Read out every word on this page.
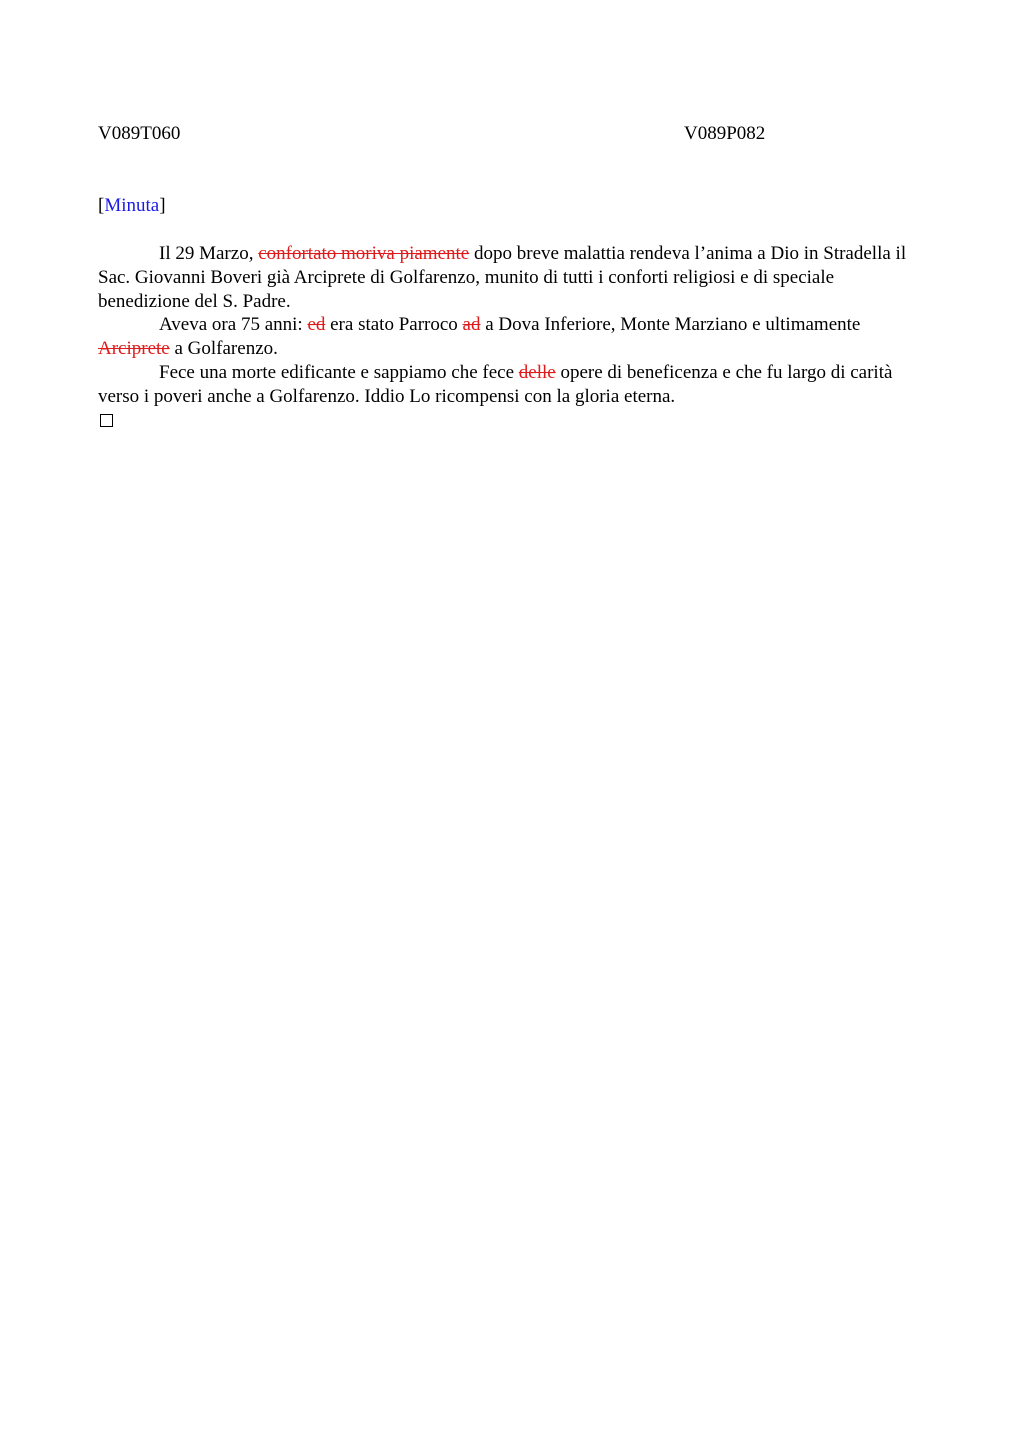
V089T060	V089P082
[Minuta]

Il 29 Marzo, confortato moriva piamente dopo breve malattia rendeva l’anima a Dio in Stradella il Sac. Giovanni Boveri già Arciprete di Golfarenzo, munito di tutti i conforti religiosi e di speciale benedizione del S. Padre.

Aveva ora 75 anni: ed era stato Parroco ad a Dova Inferiore, Monte Marziano e ultimamente Arciprete a Golfarenzo.

Fece una morte edificante e sappiamo che fece delle opere di beneficenza e che fu largo di carità verso i poveri anche a Golfarenzo. Iddio Lo ricompensi con la gloria eterna.
